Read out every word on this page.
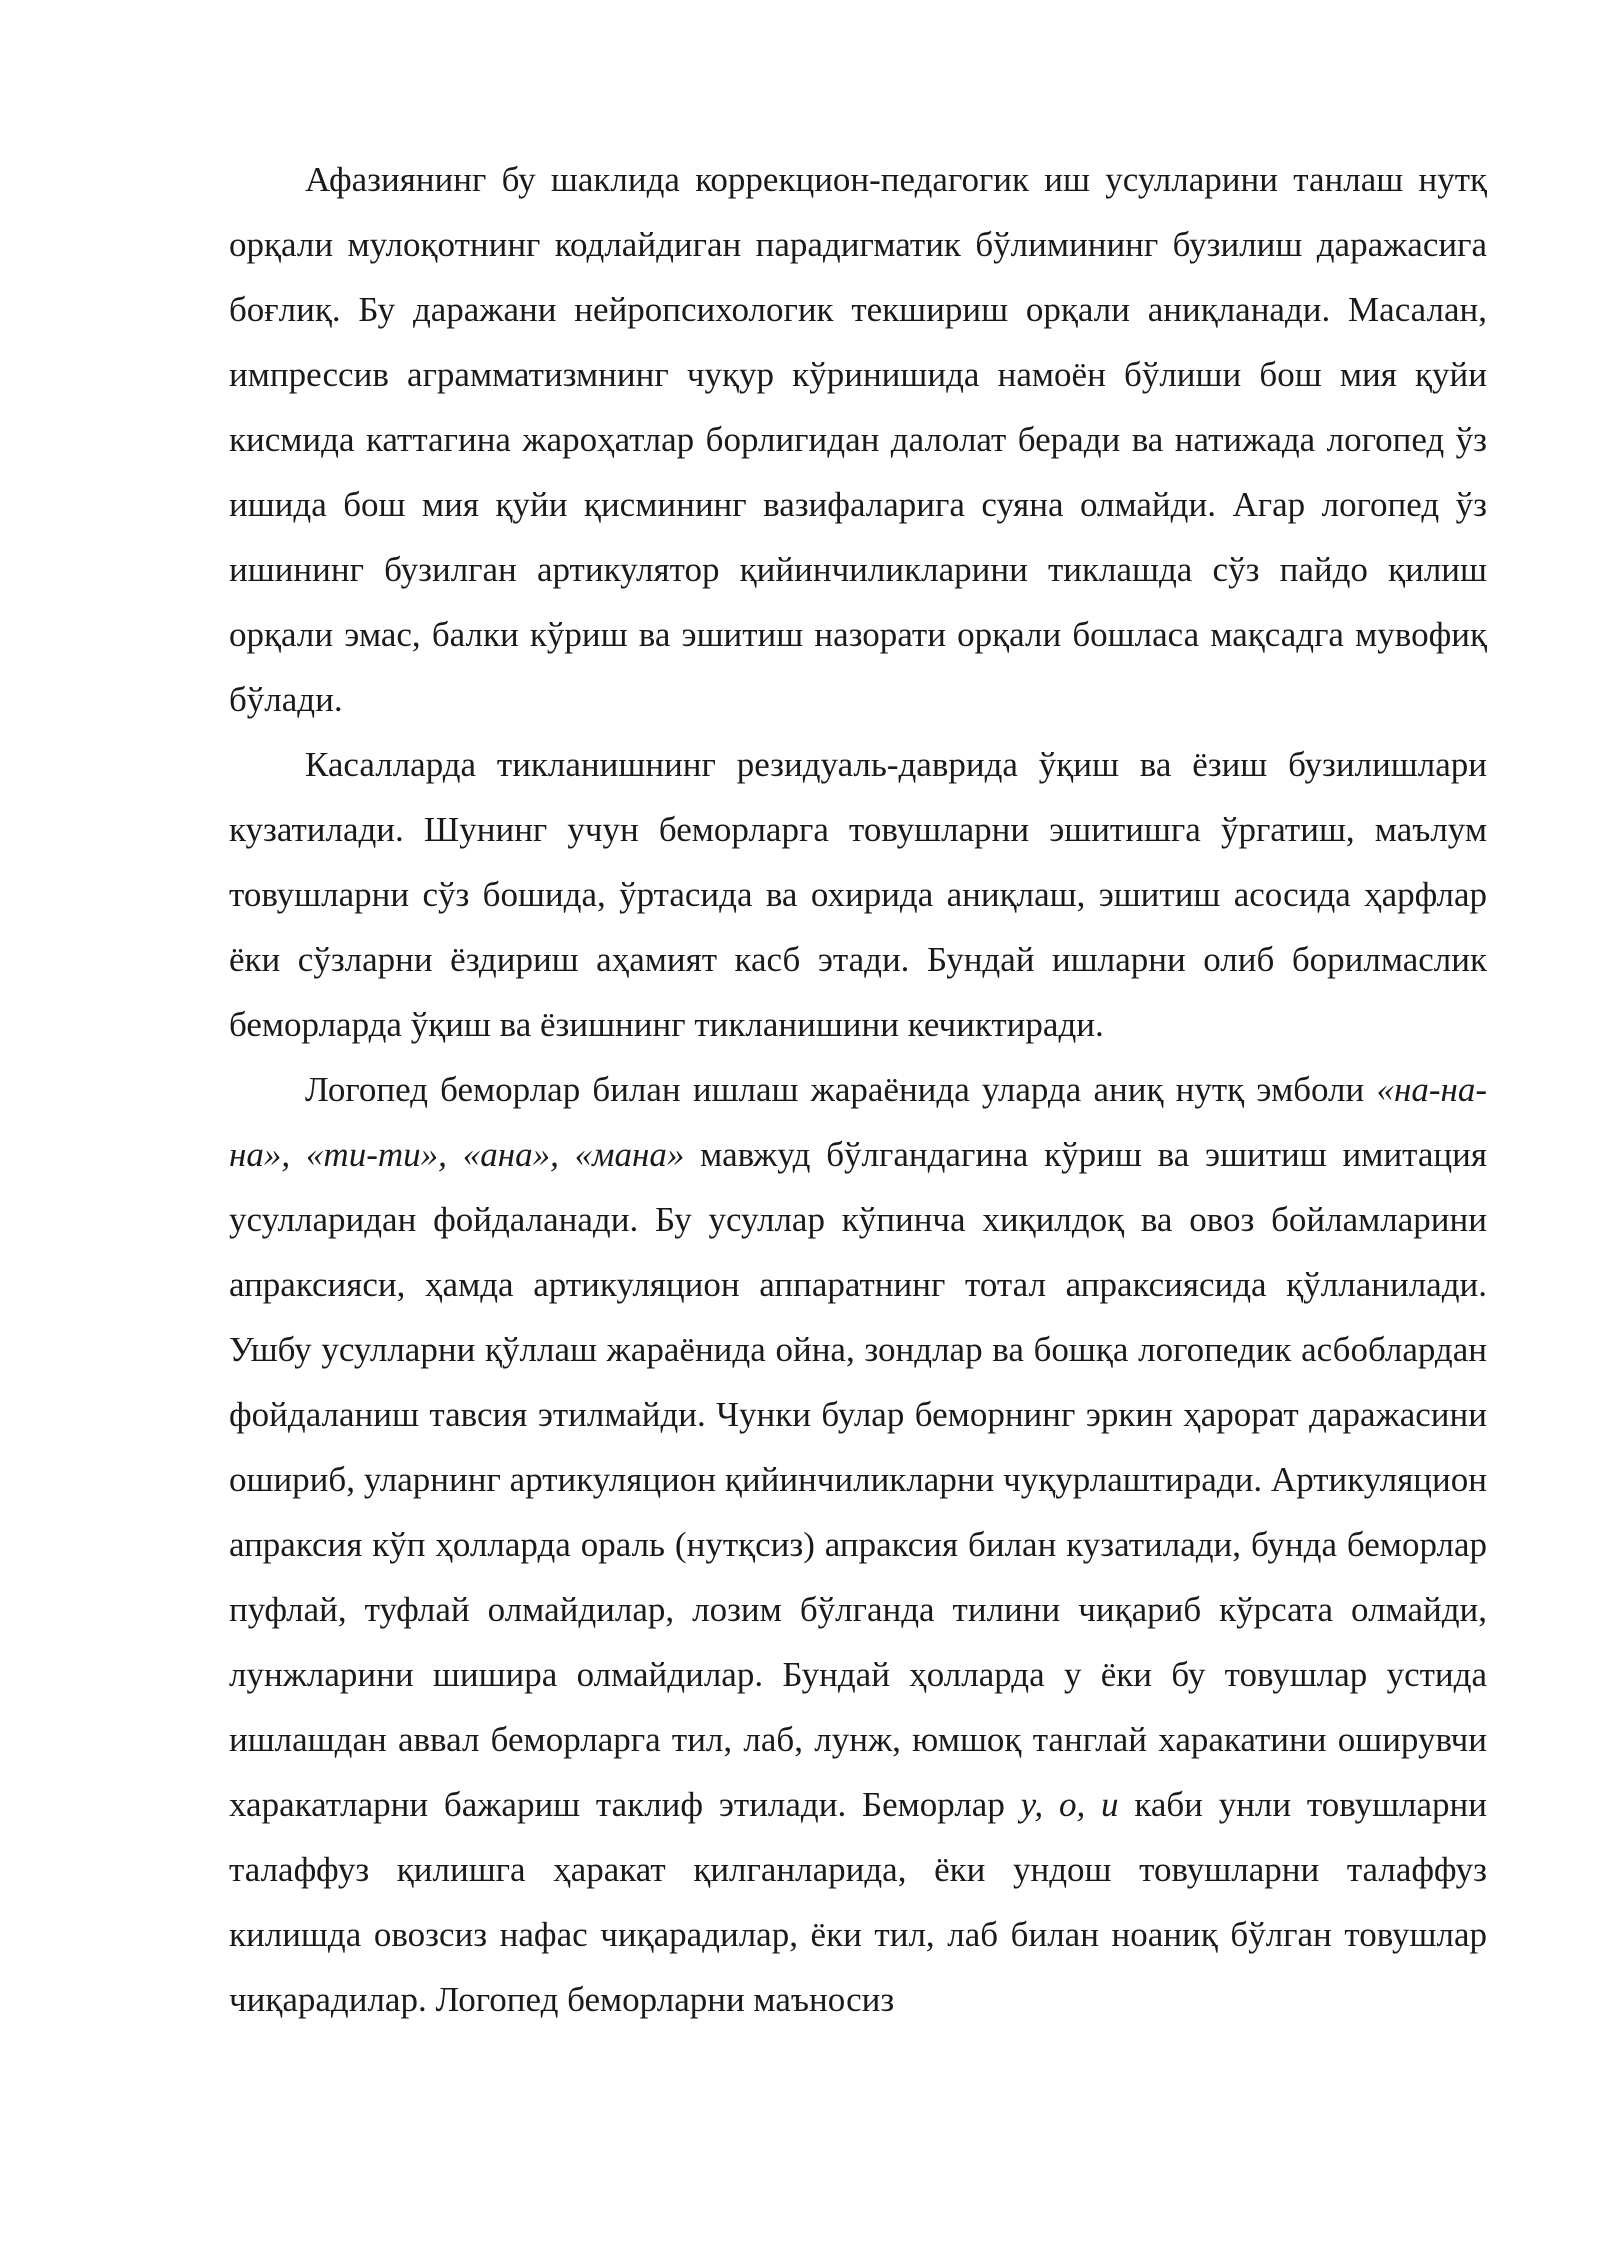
Афазиянинг бу шаклида коррекцион-педагогик иш усулларини танлаш нутқ орқали мулоқотнинг кодлайдиган парадигматик бўлимининг бузилиш даражасига боғлиқ. Бу даражани нейропсихологик текшириш орқали аниқланади. Масалан, импрессив аграмматизмнинг чуқур кўринишида намоён бўлиши бош мия қуйи кисмида каттагина жароҳатлар борлигидан далолат беради ва натижада логопед ўз ишида бош мия қуйи қисмининг вазифаларига суяна олмайди. Агар логопед ўз ишининг бузилган артикулятор қийинчиликларини тиклашда сўз пайдо қилиш орқали эмас, балки кўриш ва эшитиш назорати орқали бошласа мақсадга мувофиқ бўлади.

Касалларда тикланишнинг резидуаль-даврида ўқиш ва ёзиш бузилишлари кузатилади. Шунинг учун беморларга товушларни эшитишга ўргатиш, маълум товушларни сўз бошида, ўртасида ва охирида аниқлаш, эшитиш асосида ҳарфлар ёки сўзларни ёздириш аҳамият касб этади. Бундай ишларни олиб борилмаслик беморларда ўқиш ва ёзишнинг тикланишини кечиктиради.

Логопед беморлар билан ишлаш жараёнида уларда аниқ нутқ эмболи «на-на-на», «ти-ти», «ана», «мана» мавжуд бўлгандагина кўриш ва эшитиш имитация усулларидан фойдаланади. Бу усуллар кўпинча хиқилдоқ ва овоз бойламларини апраксияси, ҳамда артикуляцион аппаратнинг тотал апраксиясида қўлланилади. Ушбу усулларни қўллаш жараёнида ойна, зондлар ва бошқа логопедик асбоблардан фойдаланиш тавсия этилмайди. Чунки булар беморнинг эркин ҳарорат даражасини ошириб, уларнинг артикуляцион қийинчиликларни чуқурлаштиради. Артикуляцион апраксия кўп ҳолларда ораль (нутқсиз) апраксия билан кузатилади, бунда беморлар пуфлай, туфлай олмайдилар, лозим бўлганда тилини чиқариб кўрсата олмайди, лунжларини шишира олмайдилар. Бундай ҳолларда у ёки бу товушлар устида ишлашдан аввал беморларга тил, лаб, лунж, юмшоқ танглай харакатини оширувчи харакатларни бажариш таклиф этилади. Беморлар у, о, и каби унли товушларни талаффуз қилишга ҳаракат қилганларида, ёки ундош товушларни талаффуз килишда овозсиз нафас чиқарадилар, ёки тил, лаб билан ноаниқ бўлган товушлар чиқарадилар. Логопед беморларни маъносиз
